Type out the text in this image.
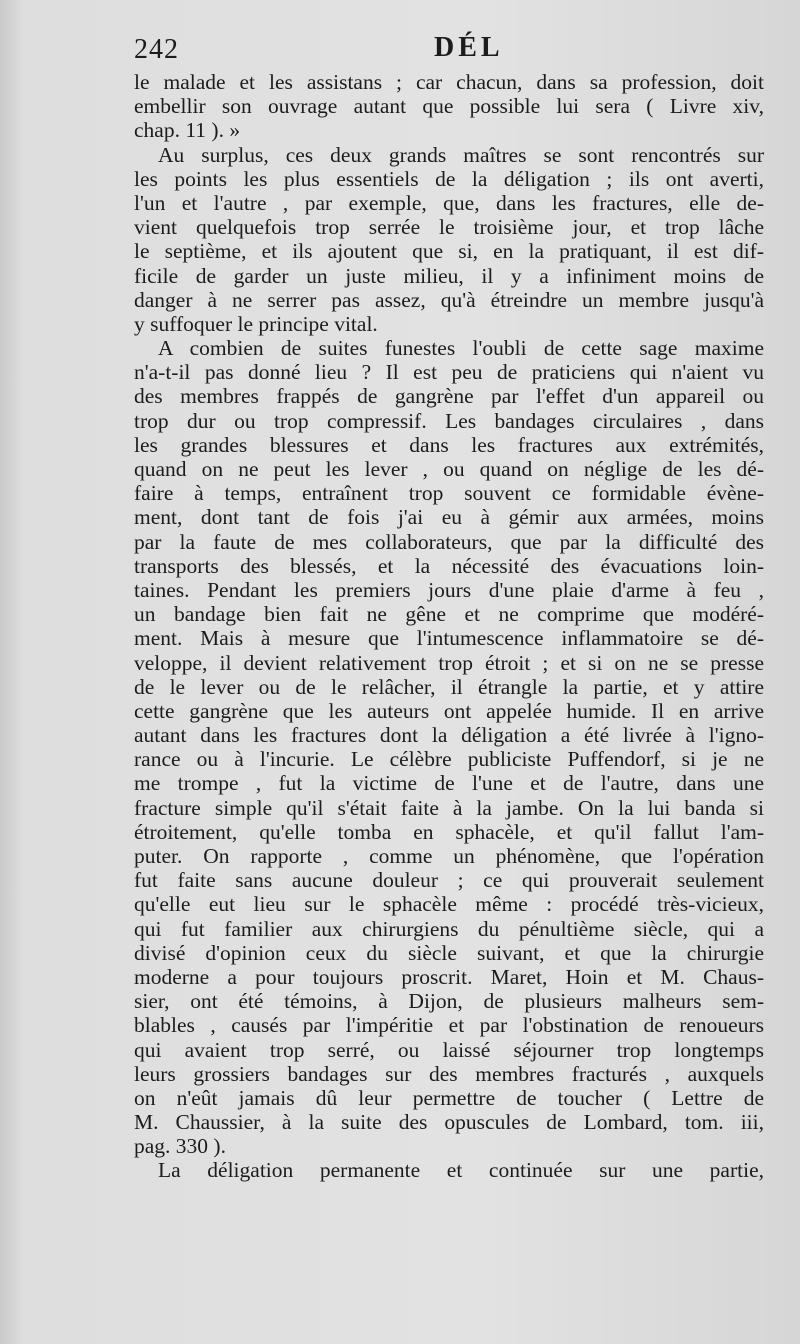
242	DÉL
le malade et les assistans ; car chacun, dans sa profession, doit
embellir son ouvrage autant que possible lui sera ( Livre xiv,
chap. 11 ). »
Au surplus, ces deux grands maîtres se sont rencontrés sur
les points les plus essentiels de la déligation ; ils ont averti,
l'un et l'autre , par exemple, que, dans les fractures, elle de-
vient quelquefois trop serrée le troisième jour, et trop lâche
le septième, et ils ajoutent que si, en la pratiquant, il est dif-
ficile de garder un juste milieu, il y a infiniment moins de
danger à ne serrer pas assez, qu'à étreindre un membre jusqu'à
y suffoquer le principe vital.
A combien de suites funestes l'oubli de cette sage maxime
n'a-t-il pas donné lieu ? Il est peu de praticiens qui n'aient vu
des membres frappés de gangrène par l'effet d'un appareil ou
trop dur ou trop compressif. Les bandages circulaires , dans
les grandes blessures et dans les fractures aux extrémités,
quand on ne peut les lever , ou quand on néglige de les dé-
faire à temps, entraînent trop souvent ce formidable évène-
ment, dont tant de fois j'ai eu à gémir aux armées, moins
par la faute de mes collaborateurs, que par la difficulté des
transports des blessés, et la nécessité des évacuations loin-
taines. Pendant les premiers jours d'une plaie d'arme à feu ,
un bandage bien fait ne gêne et ne comprime que modéré-
ment. Mais à mesure que l'intumescence inflammatoire se dé-
veloppe, il devient relativement trop étroit ; et si on ne se presse
de le lever ou de le relâcher, il étrangle la partie, et y attire
cette gangrène que les auteurs ont appelée humide. Il en arrive
autant dans les fractures dont la déligation a été livrée à l'igno-
rance ou à l'incurie. Le célèbre publiciste Puffendorf, si je ne
me trompe , fut la victime de l'une et de l'autre, dans une
fracture simple qu'il s'était faite à la jambe. On la lui banda si
étroitement, qu'elle tomba en sphacèle, et qu'il fallut l'am-
puter. On rapporte , comme un phénomène, que l'opération
fut faite sans aucune douleur ; ce qui prouverait seulement
qu'elle eut lieu sur le sphacèle même : procédé très-vicieux,
qui fut familier aux chirurgiens du pénultième siècle, qui a
divisé d'opinion ceux du siècle suivant, et que la chirurgie
moderne a pour toujours proscrit. Maret, Hoin et M. Chaus-
sier, ont été témoins, à Dijon, de plusieurs malheurs sem-
blables , causés par l'impéritie et par l'obstination de renoueurs
qui avaient trop serré, ou laissé séjourner trop longtemps
leurs grossiers bandages sur des membres fracturés , auxquels
on n'eût jamais dû leur permettre de toucher ( Lettre de
M. Chaussier, à la suite des opuscules de Lombard, tom. iii,
pag. 330 ).
La déligation permanente et continuée sur une partie,
